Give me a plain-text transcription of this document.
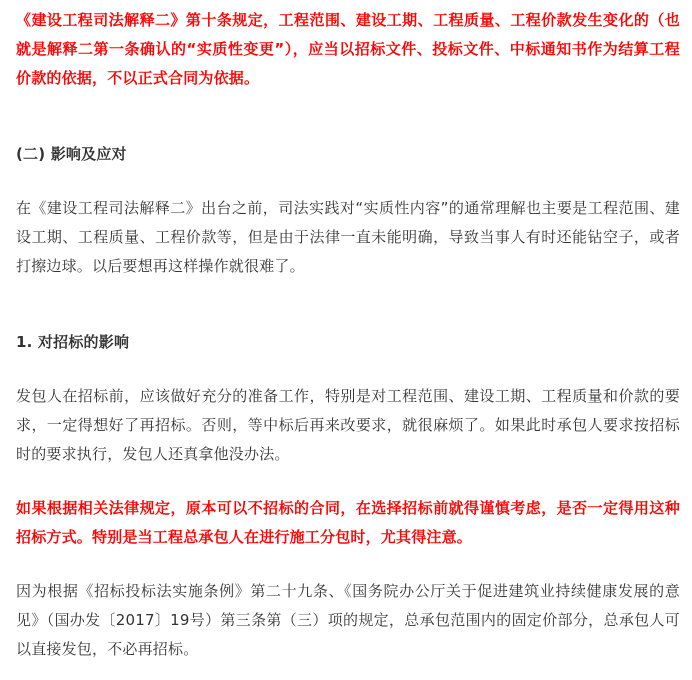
《建设工程司法解释二》第十条规定，工程范围、建设工期、工程质量、工程价款发生变化的（也就是解释二第一条确认的“实质性变更”），应当以招标文件、投标文件、中标通知书作为结算工程价款的依据，不以正式合同为依据。

(二) 影响及应对

在《建设工程司法解释二》出台之前，司法实践对“实质性内容”的通常理解也主要是工程范围、建设工期、工程质量、工程价款等，但是由于法律一直未能明确，导致当事人有时还能钻空子，或者打擦边球。以后要想再这样操作就很难了。

1. 对招标的影响

发包人在招标前，应该做好充分的准备工作，特别是对工程范围、建设工期、工程质量和价款的要求，一定得想好了再招标。否则，等中标后再来改要求，就很麻烦了。如果此时承包人要求按招标时的要求执行，发包人还真拿他没办法。

如果根据相关法律规定，原本可以不招标的合同，在选择招标前就得谨慎考虑，是否一定得用这种招标方式。特别是当工程总承包人在进行施工分包时，尤其得注意。

因为根据《招标投标法实施条例》第二十九条、《国务院办公厅关于促进建筑业持续健康发展的意见》（国办发〔2017〕19号）第三条第（三）项的规定，总承包范围内的固定价部分，总承包人可以直接发包，不必再招标。
